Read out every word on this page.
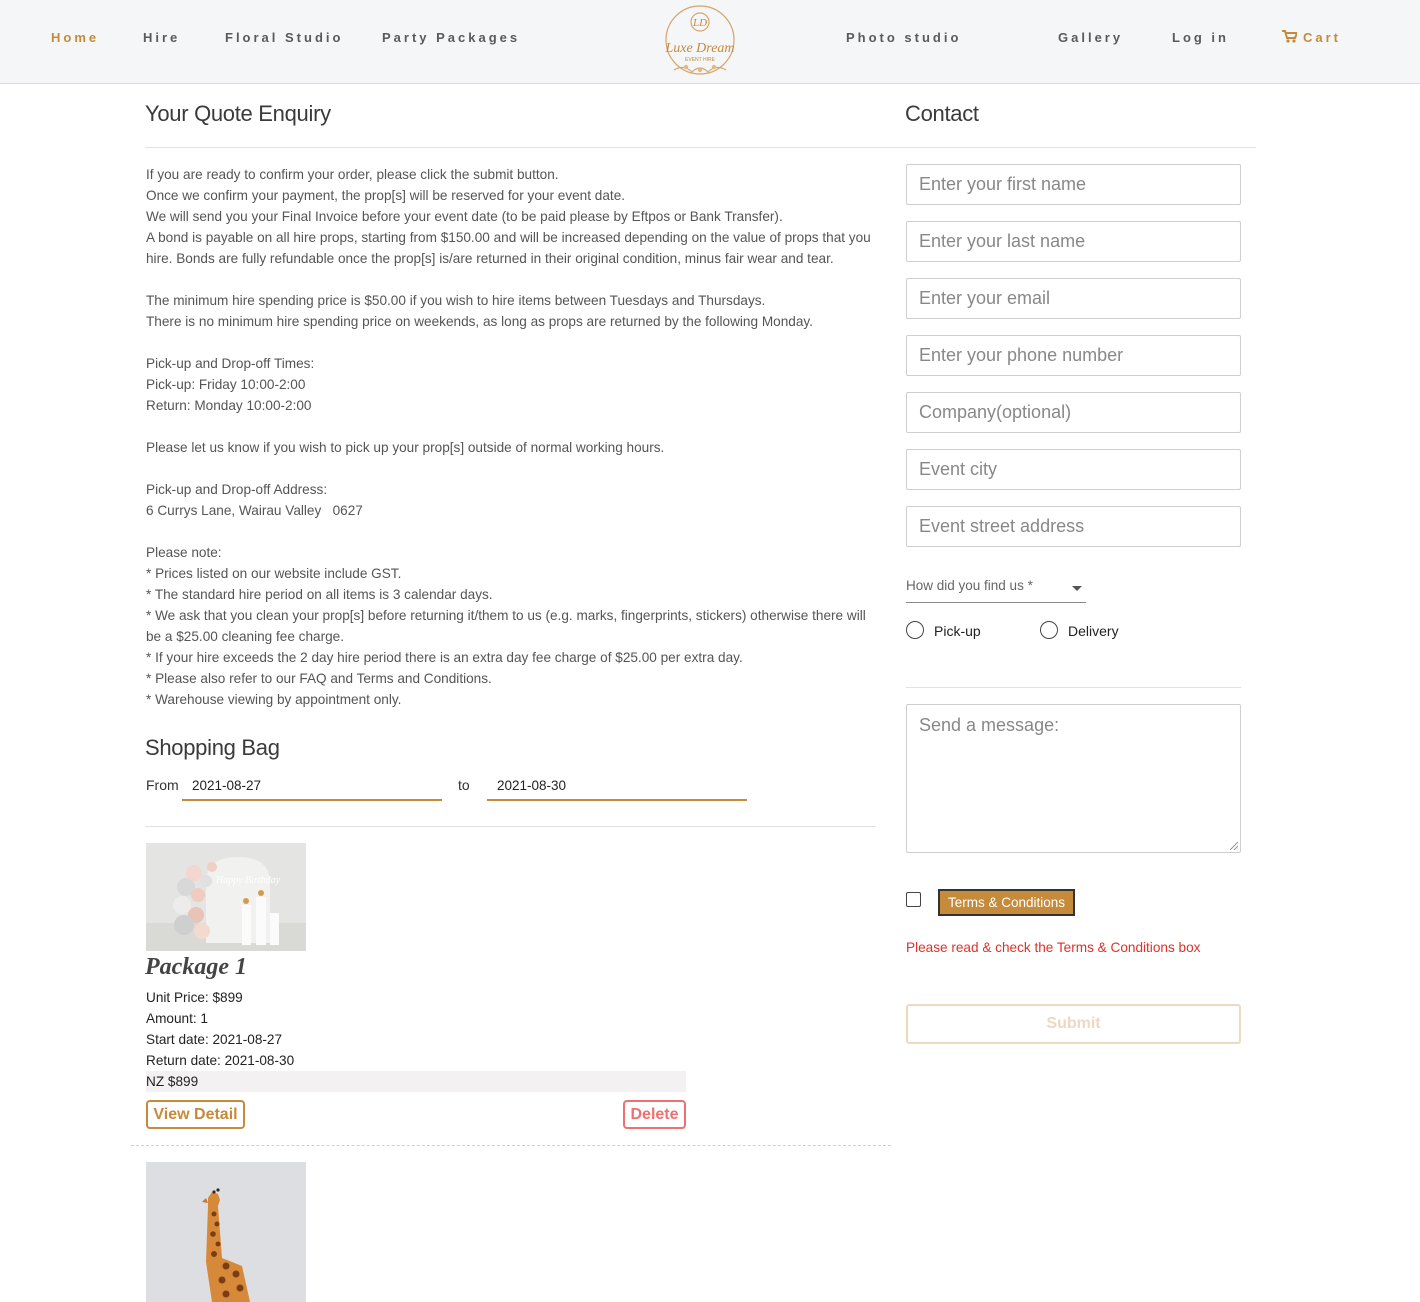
Home	Hire	Floral Studio	Party Packages
LD
Luxe Dream
EVENT HIRE
Photo studio	Gallery	Log in	Cart
Your Quote Enquiry

If you are ready to confirm your order, please click the submit button.

Once we confirm your payment, the prop[s] will be reserved for your event date.

We will send you your Final Invoice before your event date (to be paid please by Eftpos or Bank Transfer).

A bond is payable on all hire props, starting from $150.00 and will be increased depending on the value of props that you hire. Bonds are fully refundable once the prop[s] is/are returned in their original condition, minus fair wear and tear.

The minimum hire spending price is $50.00 if you wish to hire items between Tuesdays and Thursdays.

There is no minimum hire spending price on weekends, as long as props are returned by the following Monday.

Pick-up and Drop-off Times:

Pick-up: Friday 10:00-2:00

Return: Monday 10:00-2:00

Please let us know if you wish to pick up your prop[s] outside of normal working hours.

Pick-up and Drop-off Address:

6 Currys Lane, Wairau Valley   0627

Please note:

* Prices listed on our website include GST.

* The standard hire period on all items is 3 calendar days.

* We ask that you clean your prop[s] before returning it/them to us (e.g. marks, fingerprints, stickers) otherwise there will be a $25.00 cleaning fee charge.

* If your hire exceeds the 2 day hire period there is an extra day fee charge of $25.00 per extra day.

* Please also refer to our FAQ and Terms and Conditions.

* Warehouse viewing by appointment only.

Shopping Bag
From 2021-08-27	to	2021-08-30
Happy Birthday
Package 1
Unit Price: $899
Amount: 1
Start date: 2021-08-27
Return date: 2021-08-30
NZ $899
View Detail	Delete
Contact
Enter your first name
Enter your last name
Enter your email
Enter your phone number
Company(optional)
Event city
Event street address
How did you find us *
Pick-up	Delivery
Send a message:
Terms & Conditions
Please read & check the Terms & Conditions box
Submit
